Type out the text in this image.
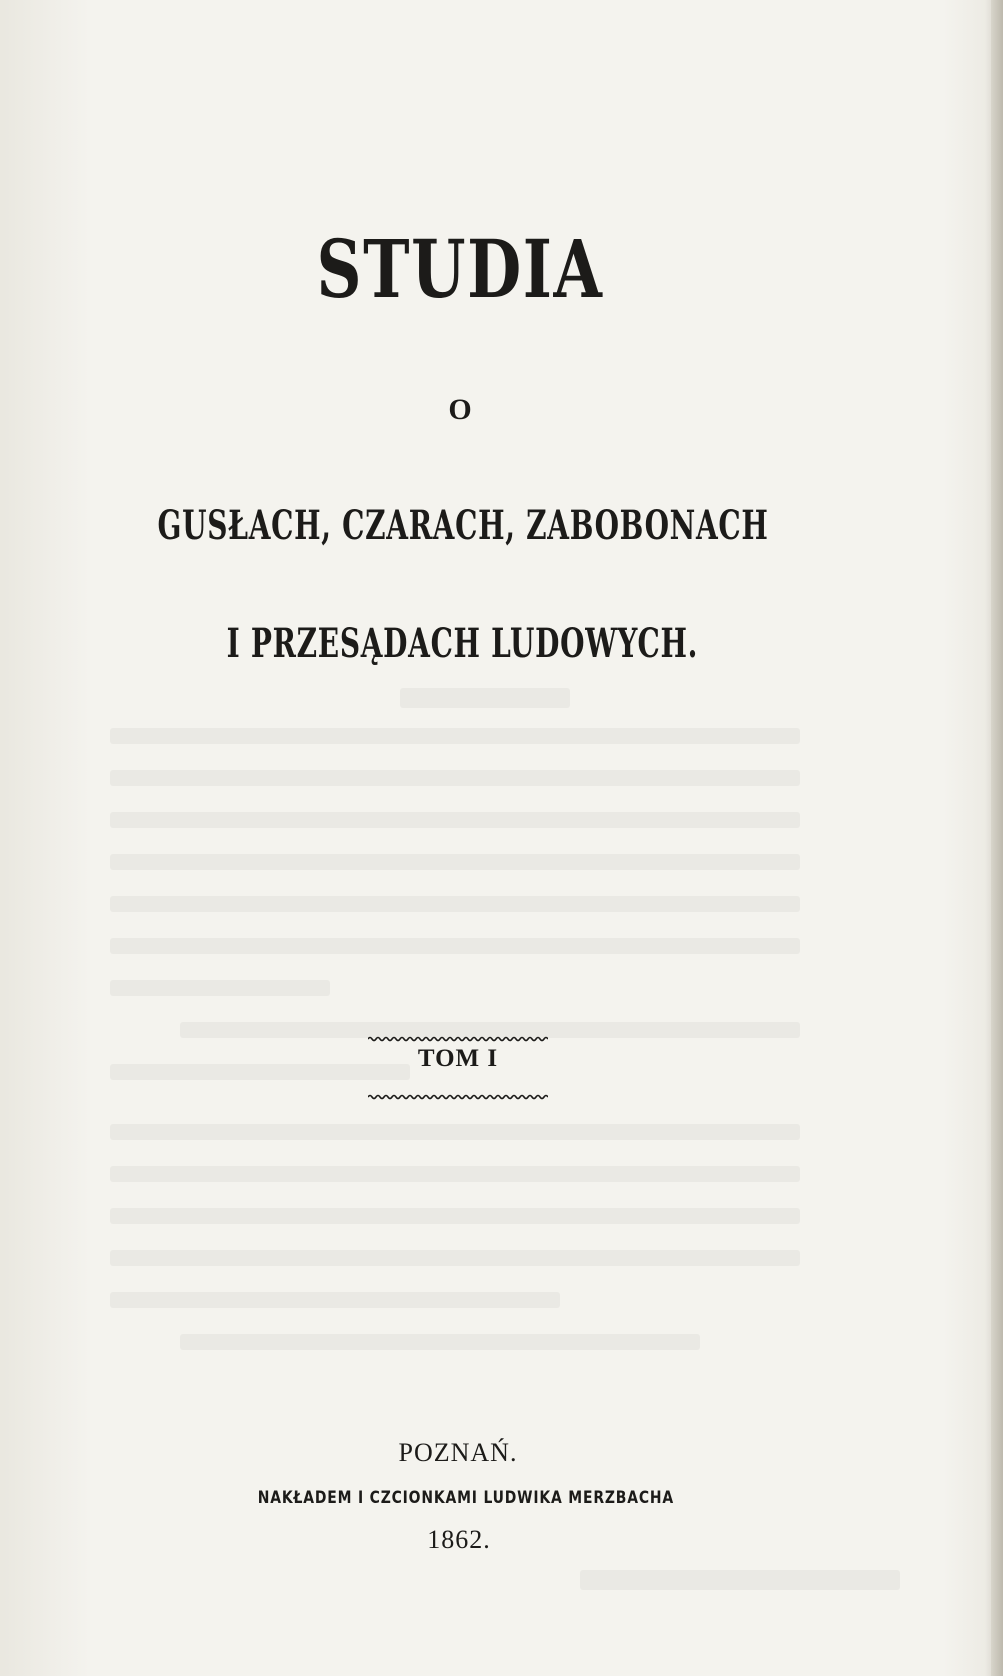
STUDIA

O

GUSŁACH, CZARACH, ZABOBONACH

I PRZESĄDACH LUDOWYCH.

TOM I

POZNAŃ.

NAKŁADEM I CZCIONKAMI LUDWIKA MERZBACHA

1862.
